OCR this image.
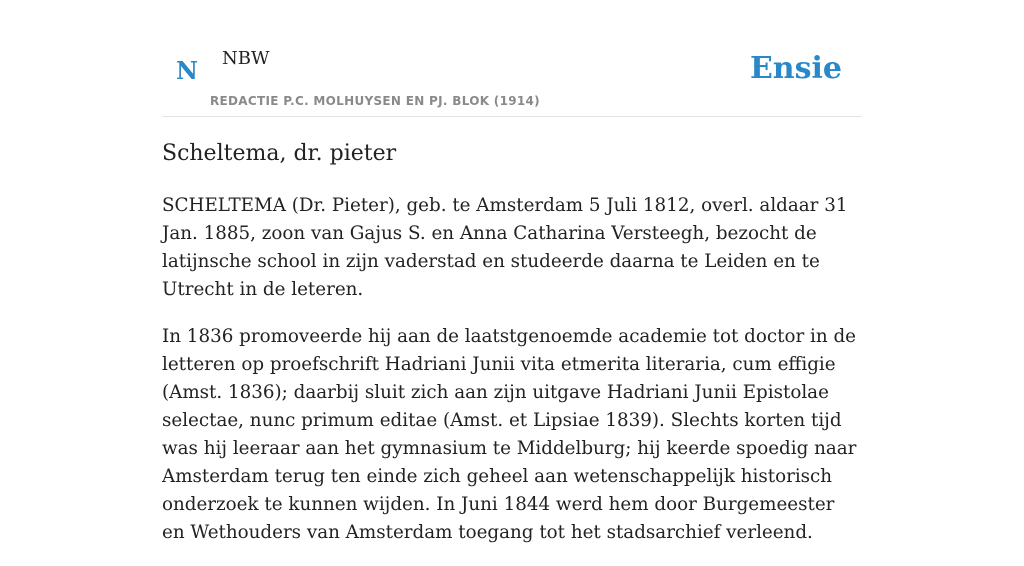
N NBW
REDACTIE P.C. MOLHUYSEN EN PJ. BLOK (1914)
Ensie
Scheltema, dr. pieter

SCHELTEMA (Dr. Pieter), geb. te Amsterdam 5 Juli 1812, overl. aldaar 31 Jan. 1885, zoon van Gajus S. en Anna Catharina Versteegh, bezocht de latijnsche school in zijn vaderstad en studeerde daarna te Leiden en te Utrecht in de leteren.

In 1836 promoveerde hij aan de laatstgenoemde academie tot doctor in de letteren op proefschrift Hadriani Junii vita etmerita literaria, cum effigie (Amst. 1836); daarbij sluit zich aan zijn uitgave Hadriani Junii Epistolae selectae, nunc primum editae (Amst. et Lipsiae 1839). Slechts korten tijd was hij leeraar aan het gymnasium te Middelburg; hij keerde spoedig naar Amsterdam terug ten einde zich geheel aan wetenschappelijk historisch onderzoek te kunnen wijden. In Juni 1844 werd hem door Burgemeester en Wethouders van Amsterdam toegang tot het stadsarchief verleend.
